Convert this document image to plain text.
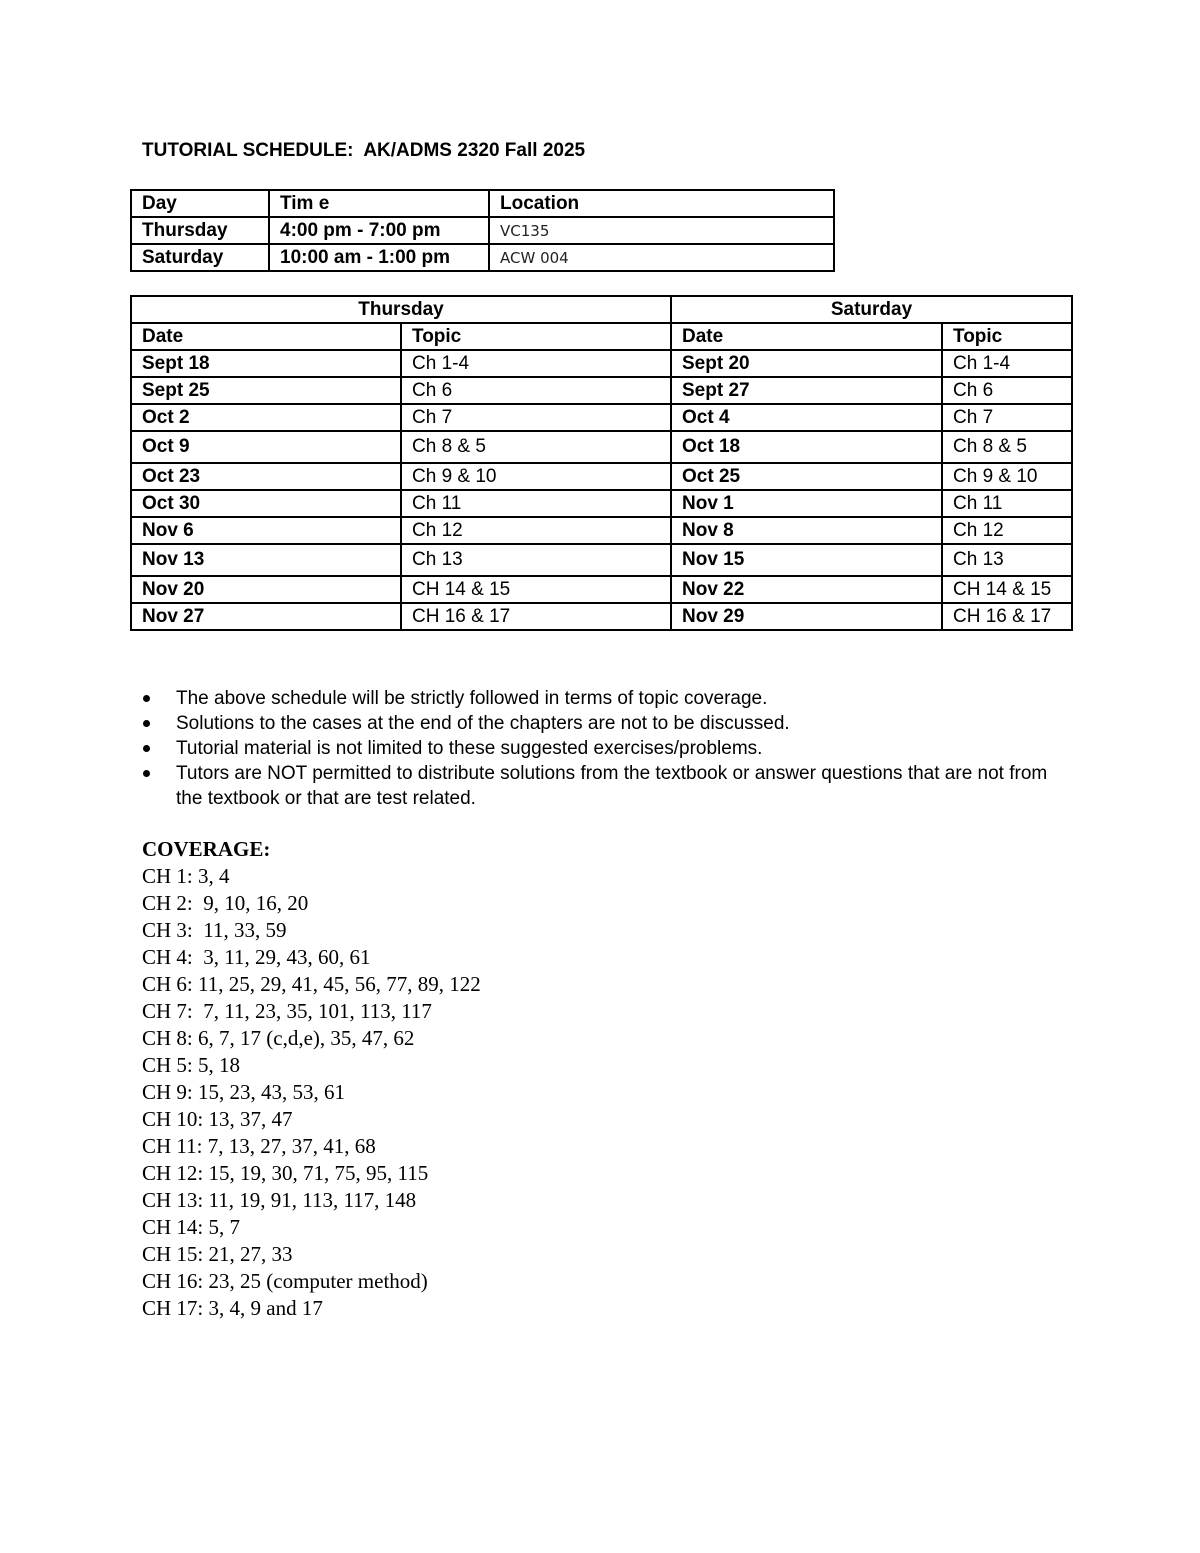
TUTORIAL SCHEDULE:  AK/ADMS 2320 Fall 2025
Day	Tim e	Location
Thursday	4:00 pm - 7:00 pm	VC135
Saturday	10:00 am - 1:00 pm	ACW 004
Thursday		Saturday	
Date	Topic	Date	Topic
Sept 18	Ch 1-4	Sept 20	Ch 1-4
Sept 25	Ch 6	Sept 27	Ch 6
Oct 2	Ch 7	Oct 4	Ch 7
Oct 9	Ch 8 & 5	Oct 18	Ch 8 & 5
Oct 23	Ch 9 & 10	Oct 25	Ch 9 & 10
Oct 30	Ch 11	Nov 1	Ch 11
Nov 6	Ch 12	Nov 8	Ch 12
Nov 13	Ch 13	Nov 15	Ch 13
Nov 20	CH 14 & 15	Nov 22	CH 14 & 15
Nov 27	CH 16 & 17	Nov 29	CH 16 & 17
The above schedule will be strictly followed in terms of topic coverage.
Solutions to the cases at the end of the chapters are not to be discussed.
Tutorial material is not limited to these suggested exercises/problems.
Tutors are NOT permitted to distribute solutions from the textbook or answer questions that are not from the textbook or that are test related.
COVERAGE:
CH 1: 3, 4
CH 2:  9, 10, 16, 20
CH 3:  11, 33, 59
CH 4:  3, 11, 29, 43, 60, 61
CH 6: 11, 25, 29, 41, 45, 56, 77, 89, 122
CH 7:  7, 11, 23, 35, 101, 113, 117
CH 8: 6, 7, 17 (c,d,e), 35, 47, 62
CH 5: 5, 18
CH 9: 15, 23, 43, 53, 61
CH 10: 13, 37, 47
CH 11: 7, 13, 27, 37, 41, 68
CH 12: 15, 19, 30, 71, 75, 95, 115
CH 13: 11, 19, 91, 113, 117, 148
CH 14: 5, 7
CH 15: 21, 27, 33
CH 16: 23, 25 (computer method)
CH 17: 3, 4, 9 and 17
